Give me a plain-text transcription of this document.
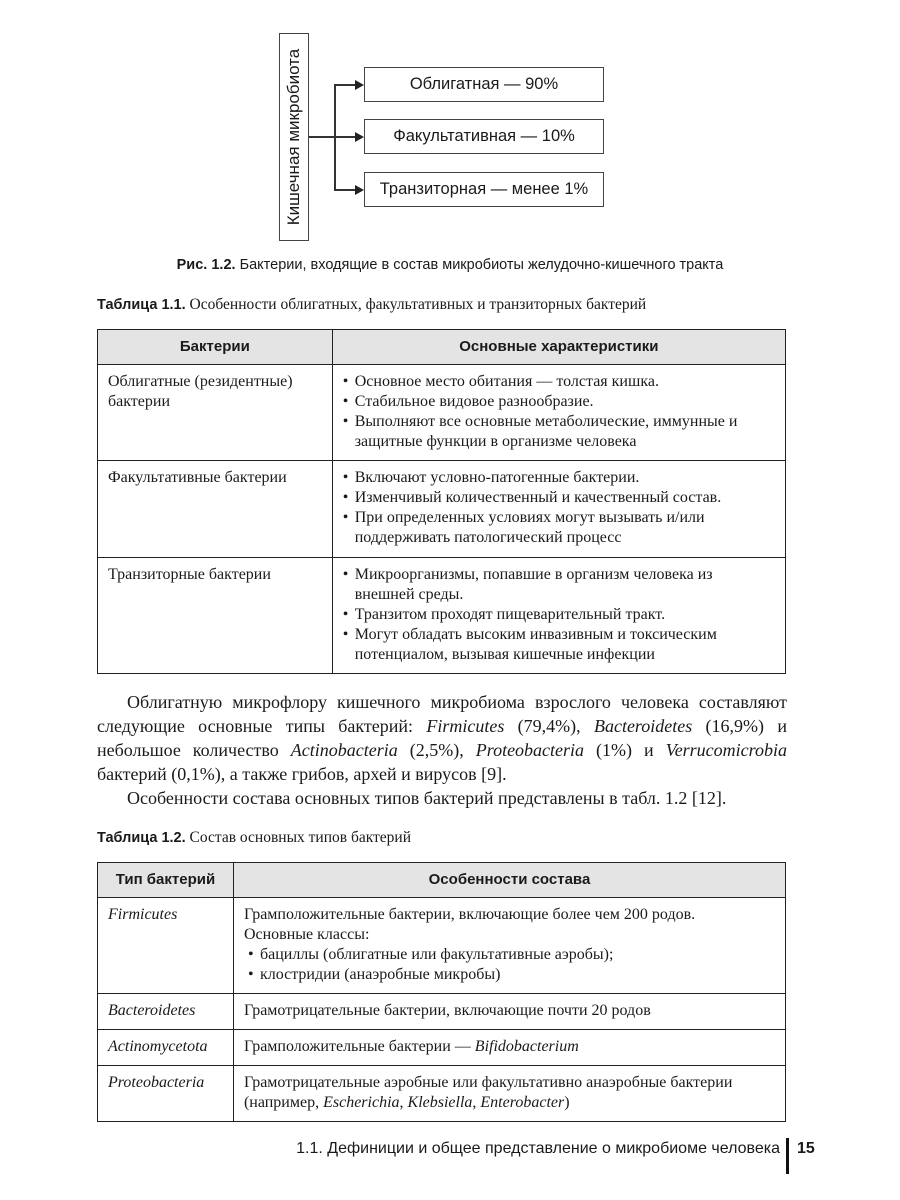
Кишечная микробиота	Облигатная — 90%
Факультативная — 10%
Транзиторная — менее 1%
Рис. 1.2. Бактерии, входящие в состав микробиоты желудочно-кишечного тракта
Таблица 1.1. Особенности облигатных, факультативных и транзиторных бактерий
Бактерии	Основные характеристики
Облигатные (резидентные) бактерии	
• Основное место обитания — толстая кишка.
• Стабильное видовое разнообразие.
• Выполняют все основные метаболические, иммунные и защитные функции в организме человека

Факультативные бактерии	
•Включают условно-патогенные бактерии.
• Изменчивый количественный и качественный состав.
• При определенных условиях могут вызывать и/или поддерживать патологический процесс

Транзиторные бактерии	
•Микроорганизмы, попавшие в организм человека из внешней среды.
• Транзитом проходят пищеварительный тракт.
• Могут обладать высоким инвазивным и токсическим потенциалом, вызывая кишечные инфекции

Облигатную микрофлору кишечного микробиома взрослого человека составляют следующие основные типы бактерий: Firmicutes (79,4%), Bacteroidetes (16,9%) и небольшое количество Actinobacteria (2,5%), Proteobacteria (1%) и Verrucomicrobia бактерий (0,1%), а также грибов, архей и вирусов [9].

Особенности состава основных типов бактерий представлены в табл. 1.2 [12].

Таблица 1.2. Состав основных типов бактерий
Тип бактерий	Особенности состава
Firmicutes	Грамположительные бактерии, включающие более чем 200 родов.
Основные классы:
• бациллы (облигатные или факультативные аэробы);
• клостридии (анаэробные микробы)

Bacteroidetes	Грамотрицательные бактерии, включающие почти 20 родов
Actinomycetota	Грамположительные бактерии — Bifidobacterium
Proteobacteria	Грамотрицательные аэробные или факультативно анаэробные бактерии (например, Escherichia, Klebsiella, Enterobacter)
1.1. Дефиниции и общее представление о микробиоме человека 15
